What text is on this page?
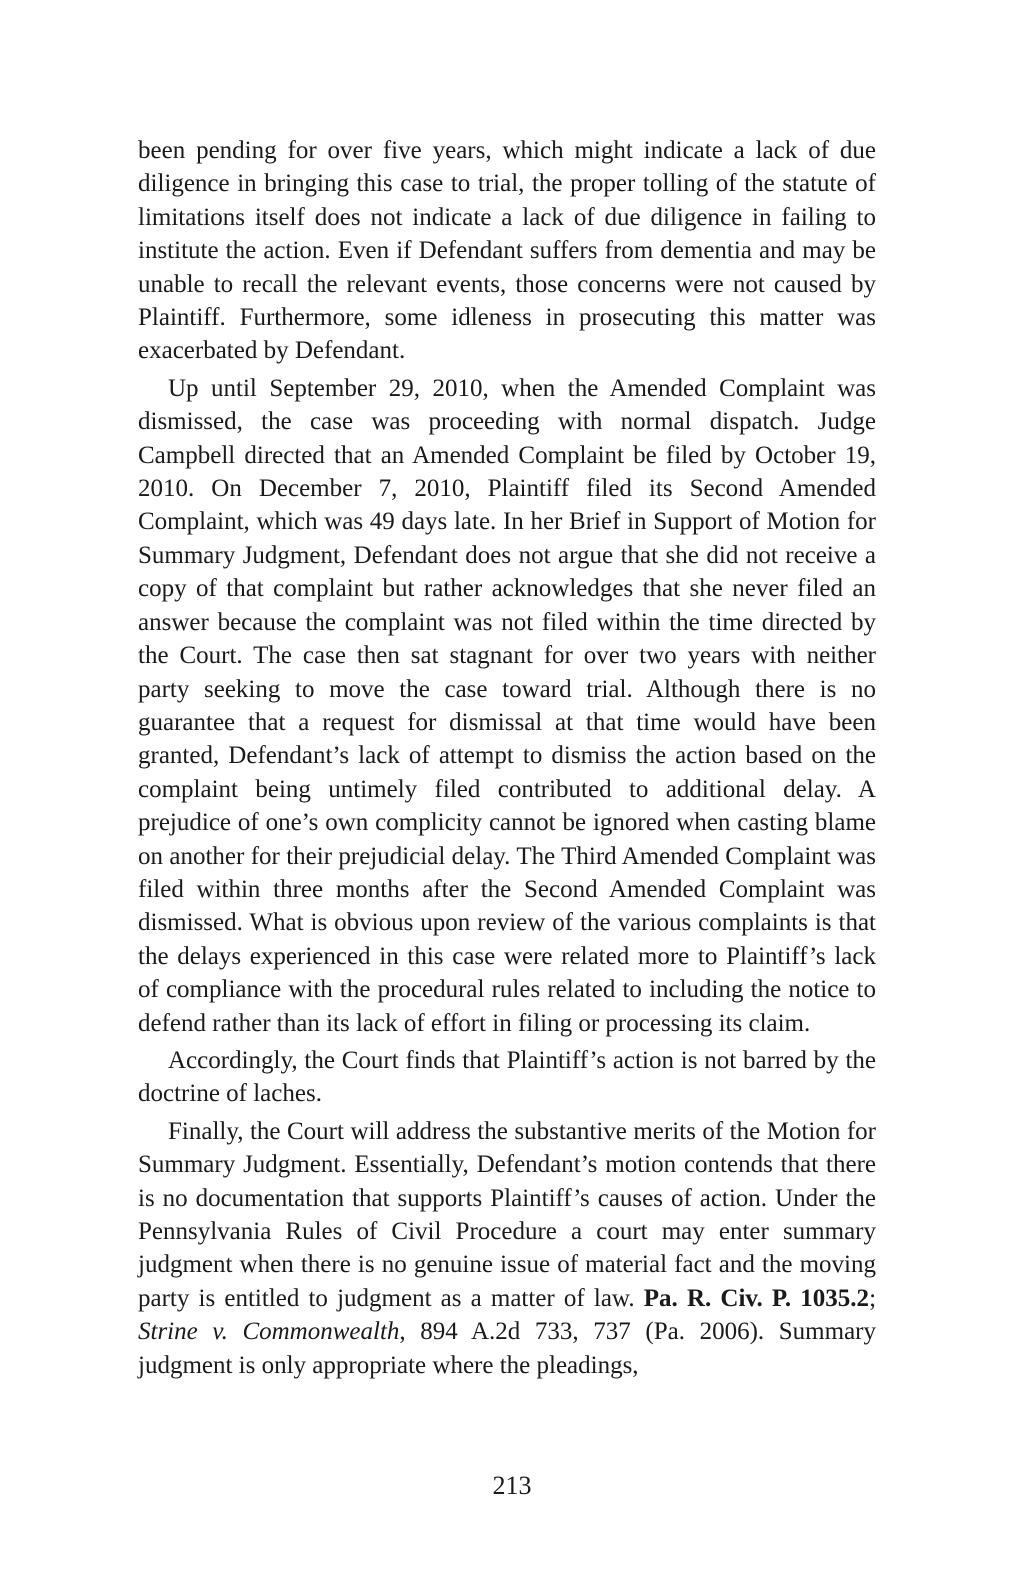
been pending for over five years, which might indicate a lack of due diligence in bringing this case to trial, the proper tolling of the statute of limitations itself does not indicate a lack of due diligence in failing to institute the action. Even if Defendant suffers from dementia and may be unable to recall the relevant events, those concerns were not caused by Plaintiff. Furthermore, some idleness in prosecuting this matter was exacerbated by Defendant.

Up until September 29, 2010, when the Amended Complaint was dismissed, the case was proceeding with normal dispatch. Judge Campbell directed that an Amended Complaint be filed by October 19, 2010. On December 7, 2010, Plaintiff filed its Second Amended Complaint, which was 49 days late. In her Brief in Support of Motion for Summary Judgment, Defendant does not argue that she did not receive a copy of that complaint but rather acknowledges that she never filed an answer because the complaint was not filed within the time directed by the Court. The case then sat stagnant for over two years with neither party seeking to move the case toward trial. Although there is no guarantee that a request for dismissal at that time would have been granted, Defendant’s lack of attempt to dismiss the action based on the complaint being untimely filed contributed to additional delay. A prejudice of one’s own complicity cannot be ignored when casting blame on another for their prejudicial delay. The Third Amended Complaint was filed within three months after the Second Amended Complaint was dismissed. What is obvious upon review of the various complaints is that the delays experienced in this case were related more to Plaintiff’s lack of compliance with the procedural rules related to including the notice to defend rather than its lack of effort in filing or processing its claim.

Accordingly, the Court finds that Plaintiff’s action is not barred by the doctrine of laches.

Finally, the Court will address the substantive merits of the Motion for Summary Judgment. Essentially, Defendant’s motion contends that there is no documentation that supports Plaintiff’s causes of action. Under the Pennsylvania Rules of Civil Procedure a court may enter summary judgment when there is no genuine issue of material fact and the moving party is entitled to judgment as a matter of law. Pa. R. Civ. P. 1035.2; Strine v. Commonwealth, 894 A.2d 733, 737 (Pa. 2006). Summary judgment is only appropriate where the pleadings,

213
